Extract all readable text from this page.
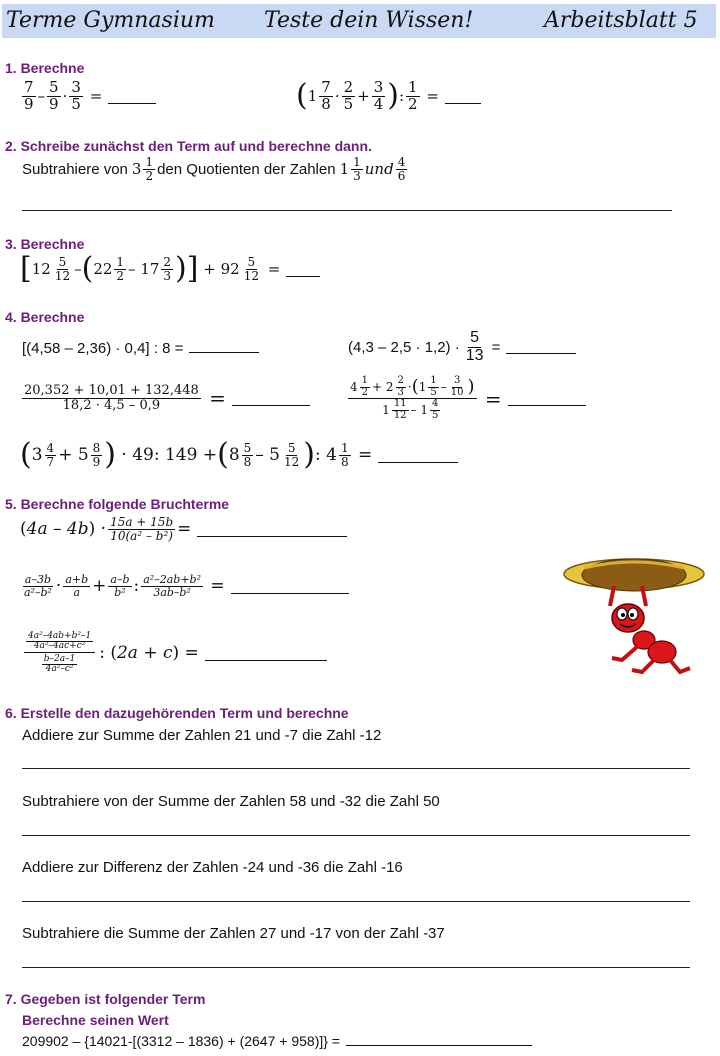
Terme Gymnasium Teste dein Wissen!	Arbeitsblatt 5
1. Berechne
7
9 –
5
$9 \cdot \frac{3}{5}$ =	( 1
7
8 ·
2
5 +
3
4 ) : $\frac{1}{2}$ =
2. Schreibe zunächst den Term auf und berechne dann.
Subtrahiere von 3 1
2 den Quotienten der Zahlen 1 1
3 und 4
6
3. Berechne
[ 12 5
12 – ( 22 1
2 – 17 2
3 ) ] + 92 5
12 =
4. Berechne
[(4,58 – 2,36) · 0,4] : 8 =	$(4,3 - 2,5 \cdot 1,2) \cdot \frac{5}{13}$ =
$\frac{20,352 + 10,01 + 132,448}{18,2 \cdot 4,5 - 0,9}$ =	4 1
2 + 2 2
3 · ( 1 1
5 – 3
10 )
1 11
12 – 1 4
5 =
( 3 4
7 + 5 8
9 ) · 49: 149 + ( 8 5
8 – 5 5
12 ) : 4 1
8 =
5. Berechne folgende Bruchterme
( 4a – 4b ) · $\frac{15a + 15b}{\text{10(a² – b²)}}$ =
a–3b
a²–b² · a+b
a + a–b
b² : $\frac{\text{a²–2ab+b²}}{\text{3ab–b²}}$ =
4a²–4ab+b²–1
4a²–4ac+c²
b–2a–1
4a²–c²
: ( 2a + c ) =
6. Erstelle den dazugehörenden Term und berechne
Addiere zur Summe der Zahlen 21 und -7 die Zahl -12
Subtrahiere von der Summe der Zahlen 58 und -32 die Zahl 50
Addiere zur Differenz der Zahlen -24 und -36 die Zahl -16
Subtrahiere die Summe der Zahlen 27 und -17 von der Zahl -37
7. Gegeben ist folgender Term
Berechne seinen Wert
209902 – {14021-[(3312 – 1836) + (2647 + 958)]} =
